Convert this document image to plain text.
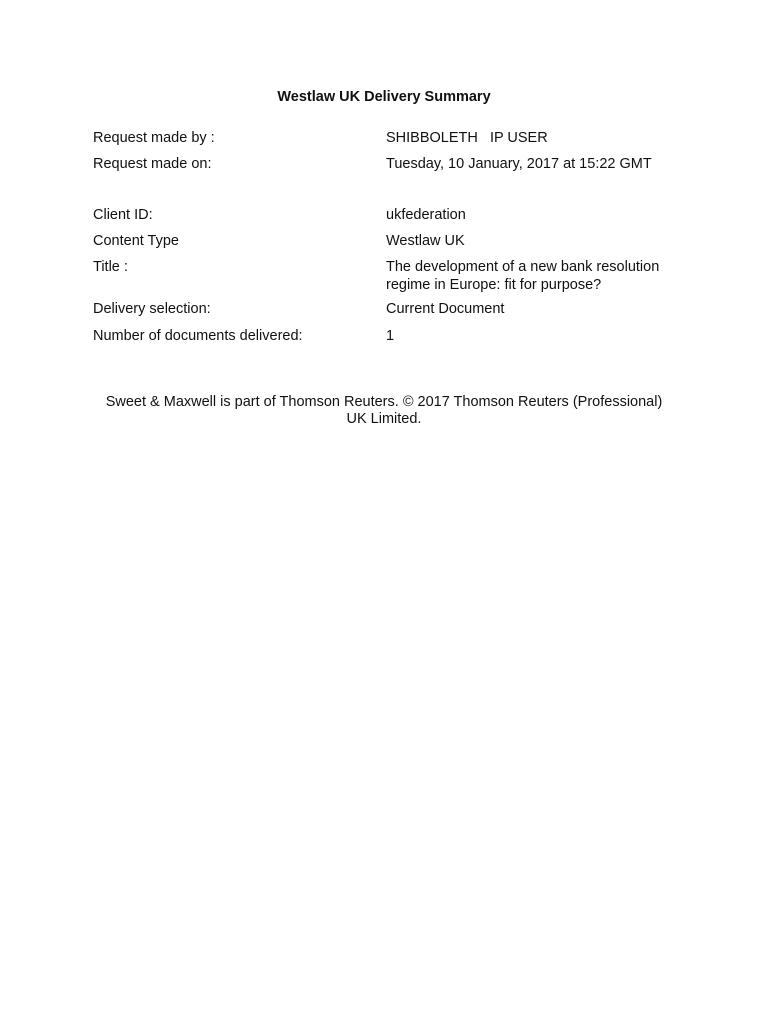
Westlaw UK Delivery Summary
Request made by :	SHIBBOLETH   IP USER
Request made on:	Tuesday, 10 January, 2017 at 15:22 GMT
Client ID:	ukfederation
Content Type	Westlaw UK
Title :	The development of a new bank resolution regime in Europe: fit for purpose?
Delivery selection:	Current Document
Number of documents delivered:	1
Sweet & Maxwell is part of Thomson Reuters. © 2017 Thomson Reuters (Professional) UK Limited.
